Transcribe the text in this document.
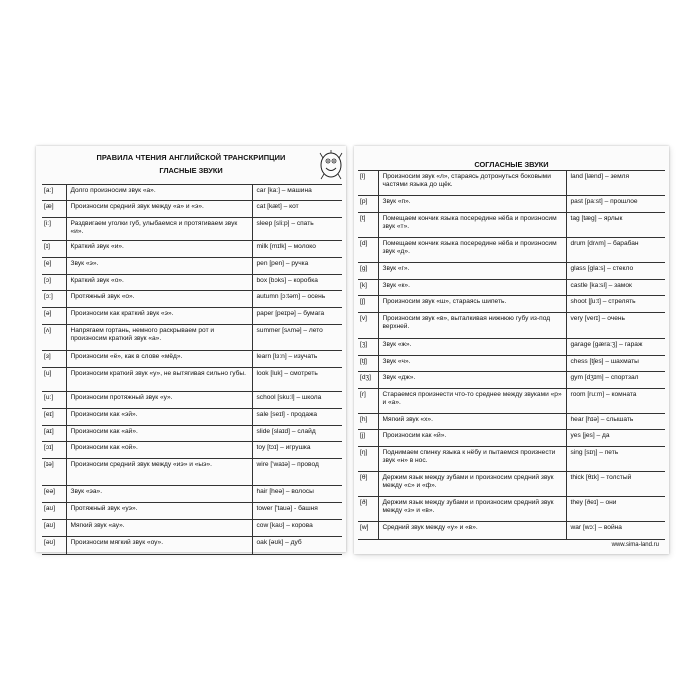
ПРАВИЛА ЧТЕНИЯ АНГЛИЙСКОЙ ТРАНСКРИПЦИИ
ГЛАСНЫЕ ЗВУКИ
[a:]	Долго произносим звук «а».	car [ka:] – машина
[æ]	Произносим средний звук между «а» и «э».	cat [kæt] – кот
[i:]	Раздвигаем уголки губ, улыбаемся и протягиваем звук «и».	sleep [sli:p] – спать
[ɪ]	Краткий звук «и».	milk [mɪlk] – молоко
[e]	Звук «э».	pen [pen] – ручка
[ɔ]	Краткий звук «о».	box [bɔks] – коробка
[ɔ:]	Протяжный звук «о».	autumn [ɔ:təm] – осень
[ə]	Произносим как краткий звук «э».	paper [peɪpə] – бумага
[ʌ]	Напрягаем гортань, немного раскрываем рот и произносим краткий звук «а».	summer [sʌmə] – лето
[ɜ]	Произносим «ё», как в слове «мёд».	learn [lɜ:n] – изучать
[u]	Произносим краткий звук «у», не вытягивая сильно губы.	look [luk] – смотреть
[u:]	Произносим протяжный звук «у».	school [sku:l] – школа
[eɪ]	Произносим как «эй».	sale [seɪl] - продажа
[aɪ]	Произносим как «ай».	slide [slaɪd] – слайд
[ɔɪ]	Произносим как «ой».	toy [tɔɪ] – игрушка
[ɪə]	Произносим средний звук между «иэ» и «ыэ».	wire ['waɪə] – провод
[eə]	Звук «эа».	hair [heə] – волосы
[aʊ]	Протяжный звук «уэ».	tower ['tauə] - башня
[aʊ]	Мягкий звук «ау».	cow [kaʊ] – корова
[əʊ]	Произносим мягкий звук «оу».	oak [əʊk] – дуб
СОГЛАСНЫЕ ЗВУКИ
[l]	Произносим звук «л», стараясь дотронуться боковыми частями языка до щёк.	land [lænd] – земля
[p]	Звук «п».	past [pa:st] – прошлое
[t]	Помещаем кончик языка посередине нёба и произносим звук «т».	tag [tæg] – ярлык
[d]	Помещаем кончик языка посередине нёба и произносим звук «д».	drum [drʌm] – барабан
[g]	Звук «г».	glass [gla:s] – стекло
[k]	Звук «к».	castle [ka:sl] – замок
[ʃ]	Произносим звук «ш», стараясь шипеть.	shoot [ʃu:t] – стрелять
[v]	Произносим звук «в», выталкивая нижнюю губу из-под верхней.	very [verɪ] – очень
[ʒ]	Звук «ж».	garage [gæra:ʒ] – гараж
[tʃ]	Звук «ч».	chess [tʃes] – шахматы
[dʒ]	Звук «дж».	gym [dʒɪm] – спортзал
[r]	Стараемся произнести что-то среднее между звуками «р» и «а».	room [ru:m] – комната
[h]	Мягкий звук «х».	hear [hɪə] – слышать
[j]	Произносим как «й».	yes [jes] – да
[ŋ]	Поднимаем спинку языка к нёбу и пытаемся произнести звук «н» в нос.	sing [sɪŋ] – петь
[θ]	Держим язык между зубами и произносим средний звук между «с» и «ф».	thick [θɪk] – толстый
[ð]	Держим язык между зубами и произносим средний звук между «з» и «в».	they [ðeɪ] – они
[w]	Средний звук между «у» и «в».	war [wɔ:] – война
www.sima-land.ru
